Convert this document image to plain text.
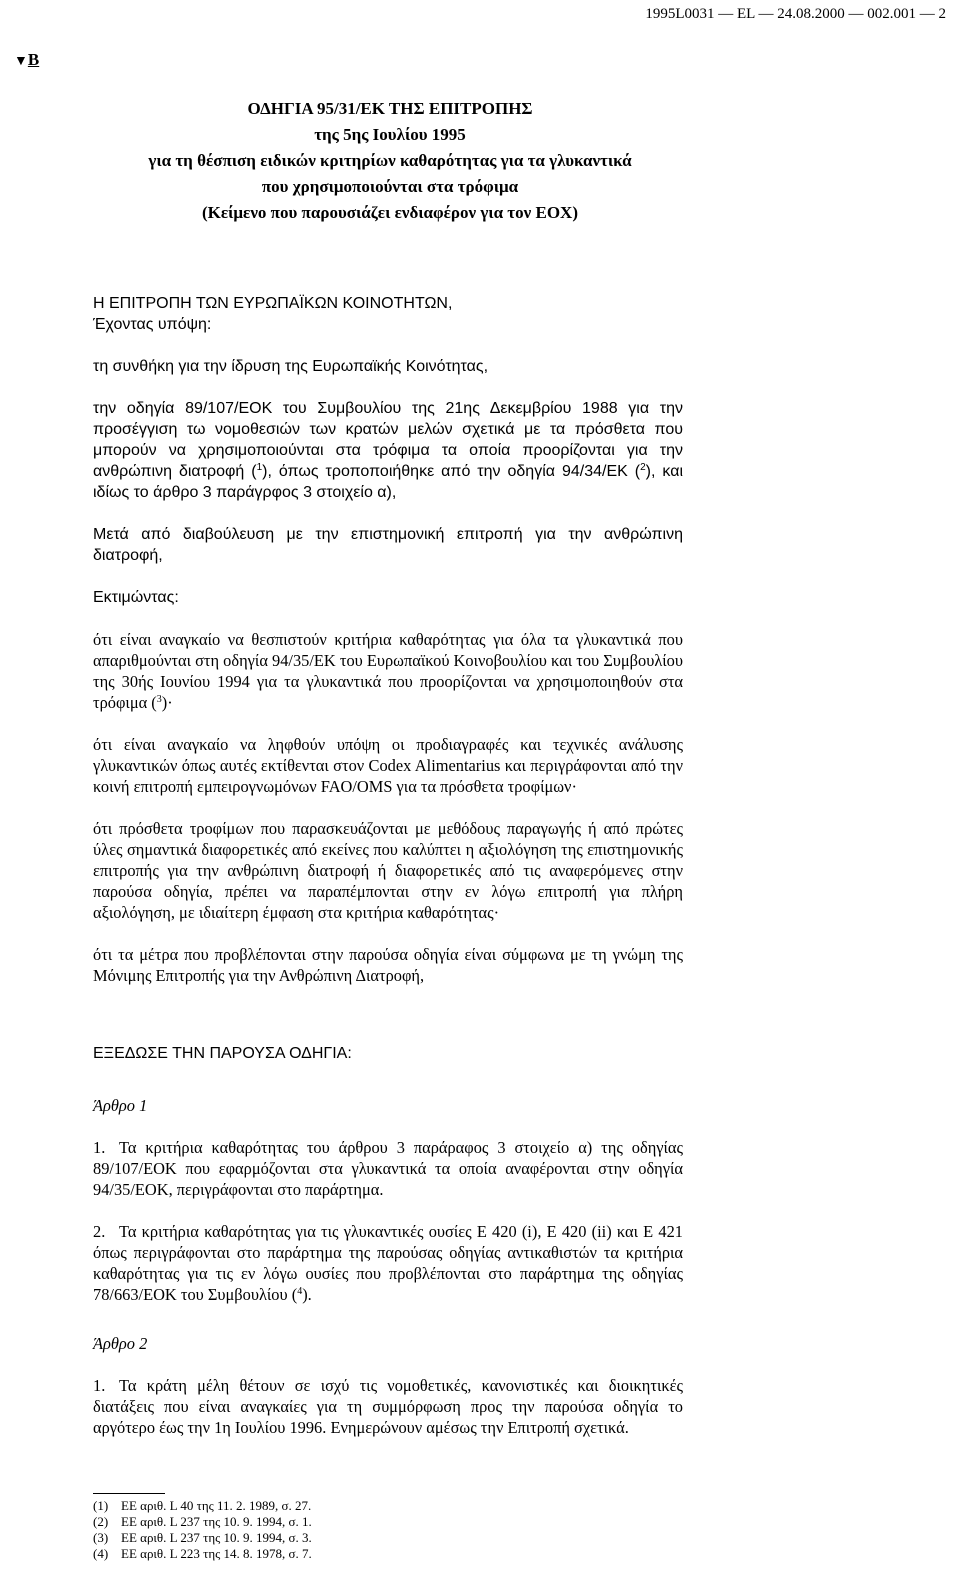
1995L0031 — EL — 24.08.2000 — 002.001 — 2
▼B
ΟΔΗΓΙΑ 95/31/ΕΚ ΤΗΣ ΕΠΙΤΡΟΠΗΣ
της 5ης Ιουλίου 1995
για τη θέσπιση ειδικών κριτηρίων καθαρότητας για τα γλυκαντικά
που χρησιμοποιούνται στα τρόφιμα
(Κείμενο που παρουσιάζει ενδιαφέρον για τον ΕΟΧ)

Η ΕΠΙΤΡΟΠΗ ΤΩΝ ΕΥΡΩΠΑΪΚΩΝ ΚΟΙΝΟΤΗΤΩΝ,

Έχοντας υπόψη:

τη συνθήκη για την ίδρυση της Ευρωπαϊκής Κοινότητας,

την οδηγία 89/107/ΕΟΚ του Συμβουλίου της 21ης Δεκεμβρίου 1988 για την προσέγγιση τω νομοθεσιών των κρατών μελών σχετικά με τα πρόσθετα που μπορούν να χρησιμοποιούνται στα τρόφιμα τα οποία προορίζονται για την ανθρώπινη διατροφή ($^1$), όπως τροποποιήθηκε από την οδηγία 94/34/ΕΚ ($^2$), και ιδίως το άρθρο 3 παράγρφος 3 στοιχείο α),

Μετά από διαβούλευση με την επιστημονική επιτροπή για την ανθρώπινη διατροφή,

Εκτιμώντας:

ότι είναι αναγκαίο να θεσπιστούν κριτήρια καθαρότητας για όλα τα γλυκαντικά που απαριθμούνται στη οδηγία 94/35/ΕΚ του Ευρωπαϊκού Κοινοβουλίου και του Συμβουλίου της 30ής Ιουνίου 1994 για τα γλυκαντικά που προορίζονται να χρησιμοποιηθούν στα τρόφιμα ($^3$)·

ότι είναι αναγκαίο να ληφθούν υπόψη οι προδιαγραφές και τεχνικές ανάλυσης γλυκαντικών όπως αυτές εκτίθενται στον Codex Alimentarius και περιγράφονται από την κοινή επιτροπή εμπειρογνωμόνων FAO/OMS για τα πρόσθετα τροφίμων·

ότι πρόσθετα τροφίμων που παρασκευάζονται με μεθόδους παραγωγής ή από πρώτες ύλες σημαντικά διαφορετικές από εκείνες που καλύπτει η αξιολόγηση της επιστημονικής επιτροπής για την ανθρώπινη διατροφή ή διαφορετικές από τις αναφερόμενες στην παρούσα οδηγία, πρέπει να παραπέμπονται στην εν λόγω επιτροπή για πλήρη αξιολόγηση, με ιδιαίτερη έμφαση στα κριτήρια καθαρότητας·

ότι τα μέτρα που προβλέπονται στην παρούσα οδηγία είναι σύμφωνα με τη γνώμη της Μόνιμης Επιτροπής για την Ανθρώπινη Διατροφή,

ΕΞΕΔΩΣΕ ΤΗΝ ΠΑΡΟΥΣΑ ΟΔΗΓΙΑ:

Άρθρο 1

1. Τα κριτήρια καθαρότητας του άρθρου 3 παράραφος 3 στοιχείο α) της οδηγίας 89/107/ΕΟΚ που εφαρμόζονται στα γλυκαντικά τα οποία αναφέρονται στην οδηγία 94/35/ΕΟΚ, περιγράφονται στο παράρτημα.

2. Τα κριτήρια καθαρότητας για τις γλυκαντικές ουσίες Ε 420 (i), Ε 420 (ii) και Ε 421 όπως περιγράφονται στο παράρτημα της παρούσας οδηγίας αντικαθιστών τα κριτήρια καθαρότητας για τις εν λόγω ουσίες που προβλέπονται στο παράρτημα της οδηγίας 78/663/ΕΟΚ του Συμβουλίου ($^4$).

Άρθρο 2

1. Τα κράτη μέλη θέτουν σε ισχύ τις νομοθετικές, κανονιστικές και διοικητικές διατάξεις που είναι αναγκαίες για τη συμμόρφωση προς την παρούσα οδηγία το αργότερο έως την 1η Ιουλίου 1996. Ενημερώνουν αμέσως την Επιτροπή σχετικά.

(1) ΕΕ αριθ. L 40 της 11. 2. 1989, σ. 27.
(2) ΕΕ αριθ. L 237 της 10. 9. 1994, σ. 1.
(3) ΕΕ αριθ. L 237 της 10. 9. 1994, σ. 3.
(4) ΕΕ αριθ. L 223 της 14. 8. 1978, σ. 7.
